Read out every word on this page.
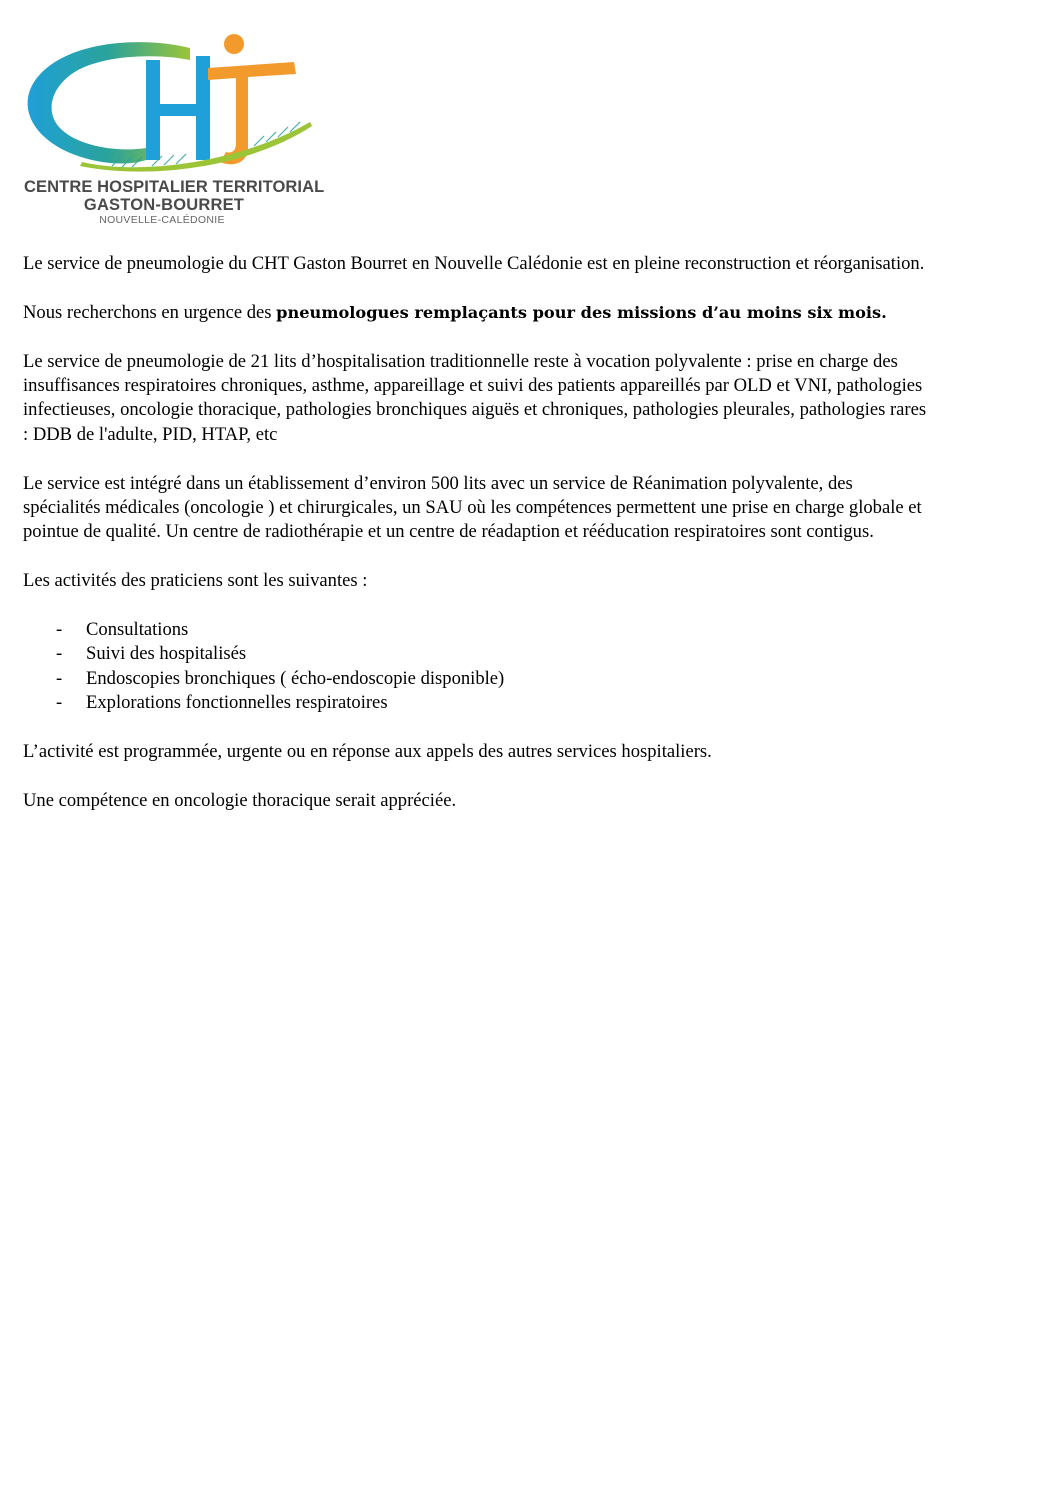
CENTRE HOSPITALIER TERRITORIAL
GASTON-BOURRET
NOUVELLE-CALÉDONIE

Le service de pneumologie du CHT Gaston Bourret en Nouvelle Calédonie est en pleine reconstruction et réorganisation.

Nous recherchons en urgence des pneumologues remplaçants pour des missions d’au moins six mois.

Le service de pneumologie de 21 lits d’hospitalisation traditionnelle reste à vocation polyvalente : prise en charge des insuffisances respiratoires chroniques, asthme, appareillage et suivi des patients appareillés par OLD et VNI, pathologies infectieuses, oncologie thoracique, pathologies bronchiques aiguës et chroniques, pathologies pleurales, pathologies rares : DDB de l'adulte, PID, HTAP, etc

Le service est intégré dans un établissement d’environ 500 lits avec un service de Réanimation polyvalente, des spécialités médicales (oncologie ) et chirurgicales, un SAU où les compétences permettent une prise en charge globale et pointue de qualité. Un centre de radiothérapie et un centre de réadaption et rééducation respiratoires sont contigus.

Les activités des praticiens sont les suivantes :

- Consultations
- Suivi des hospitalisés
- Endoscopies bronchiques ( écho-endoscopie disponible)
- Explorations fonctionnelles respiratoires

L’activité est programmée, urgente ou en réponse aux appels des autres services hospitaliers.

Une compétence en oncologie thoracique serait appréciée.
